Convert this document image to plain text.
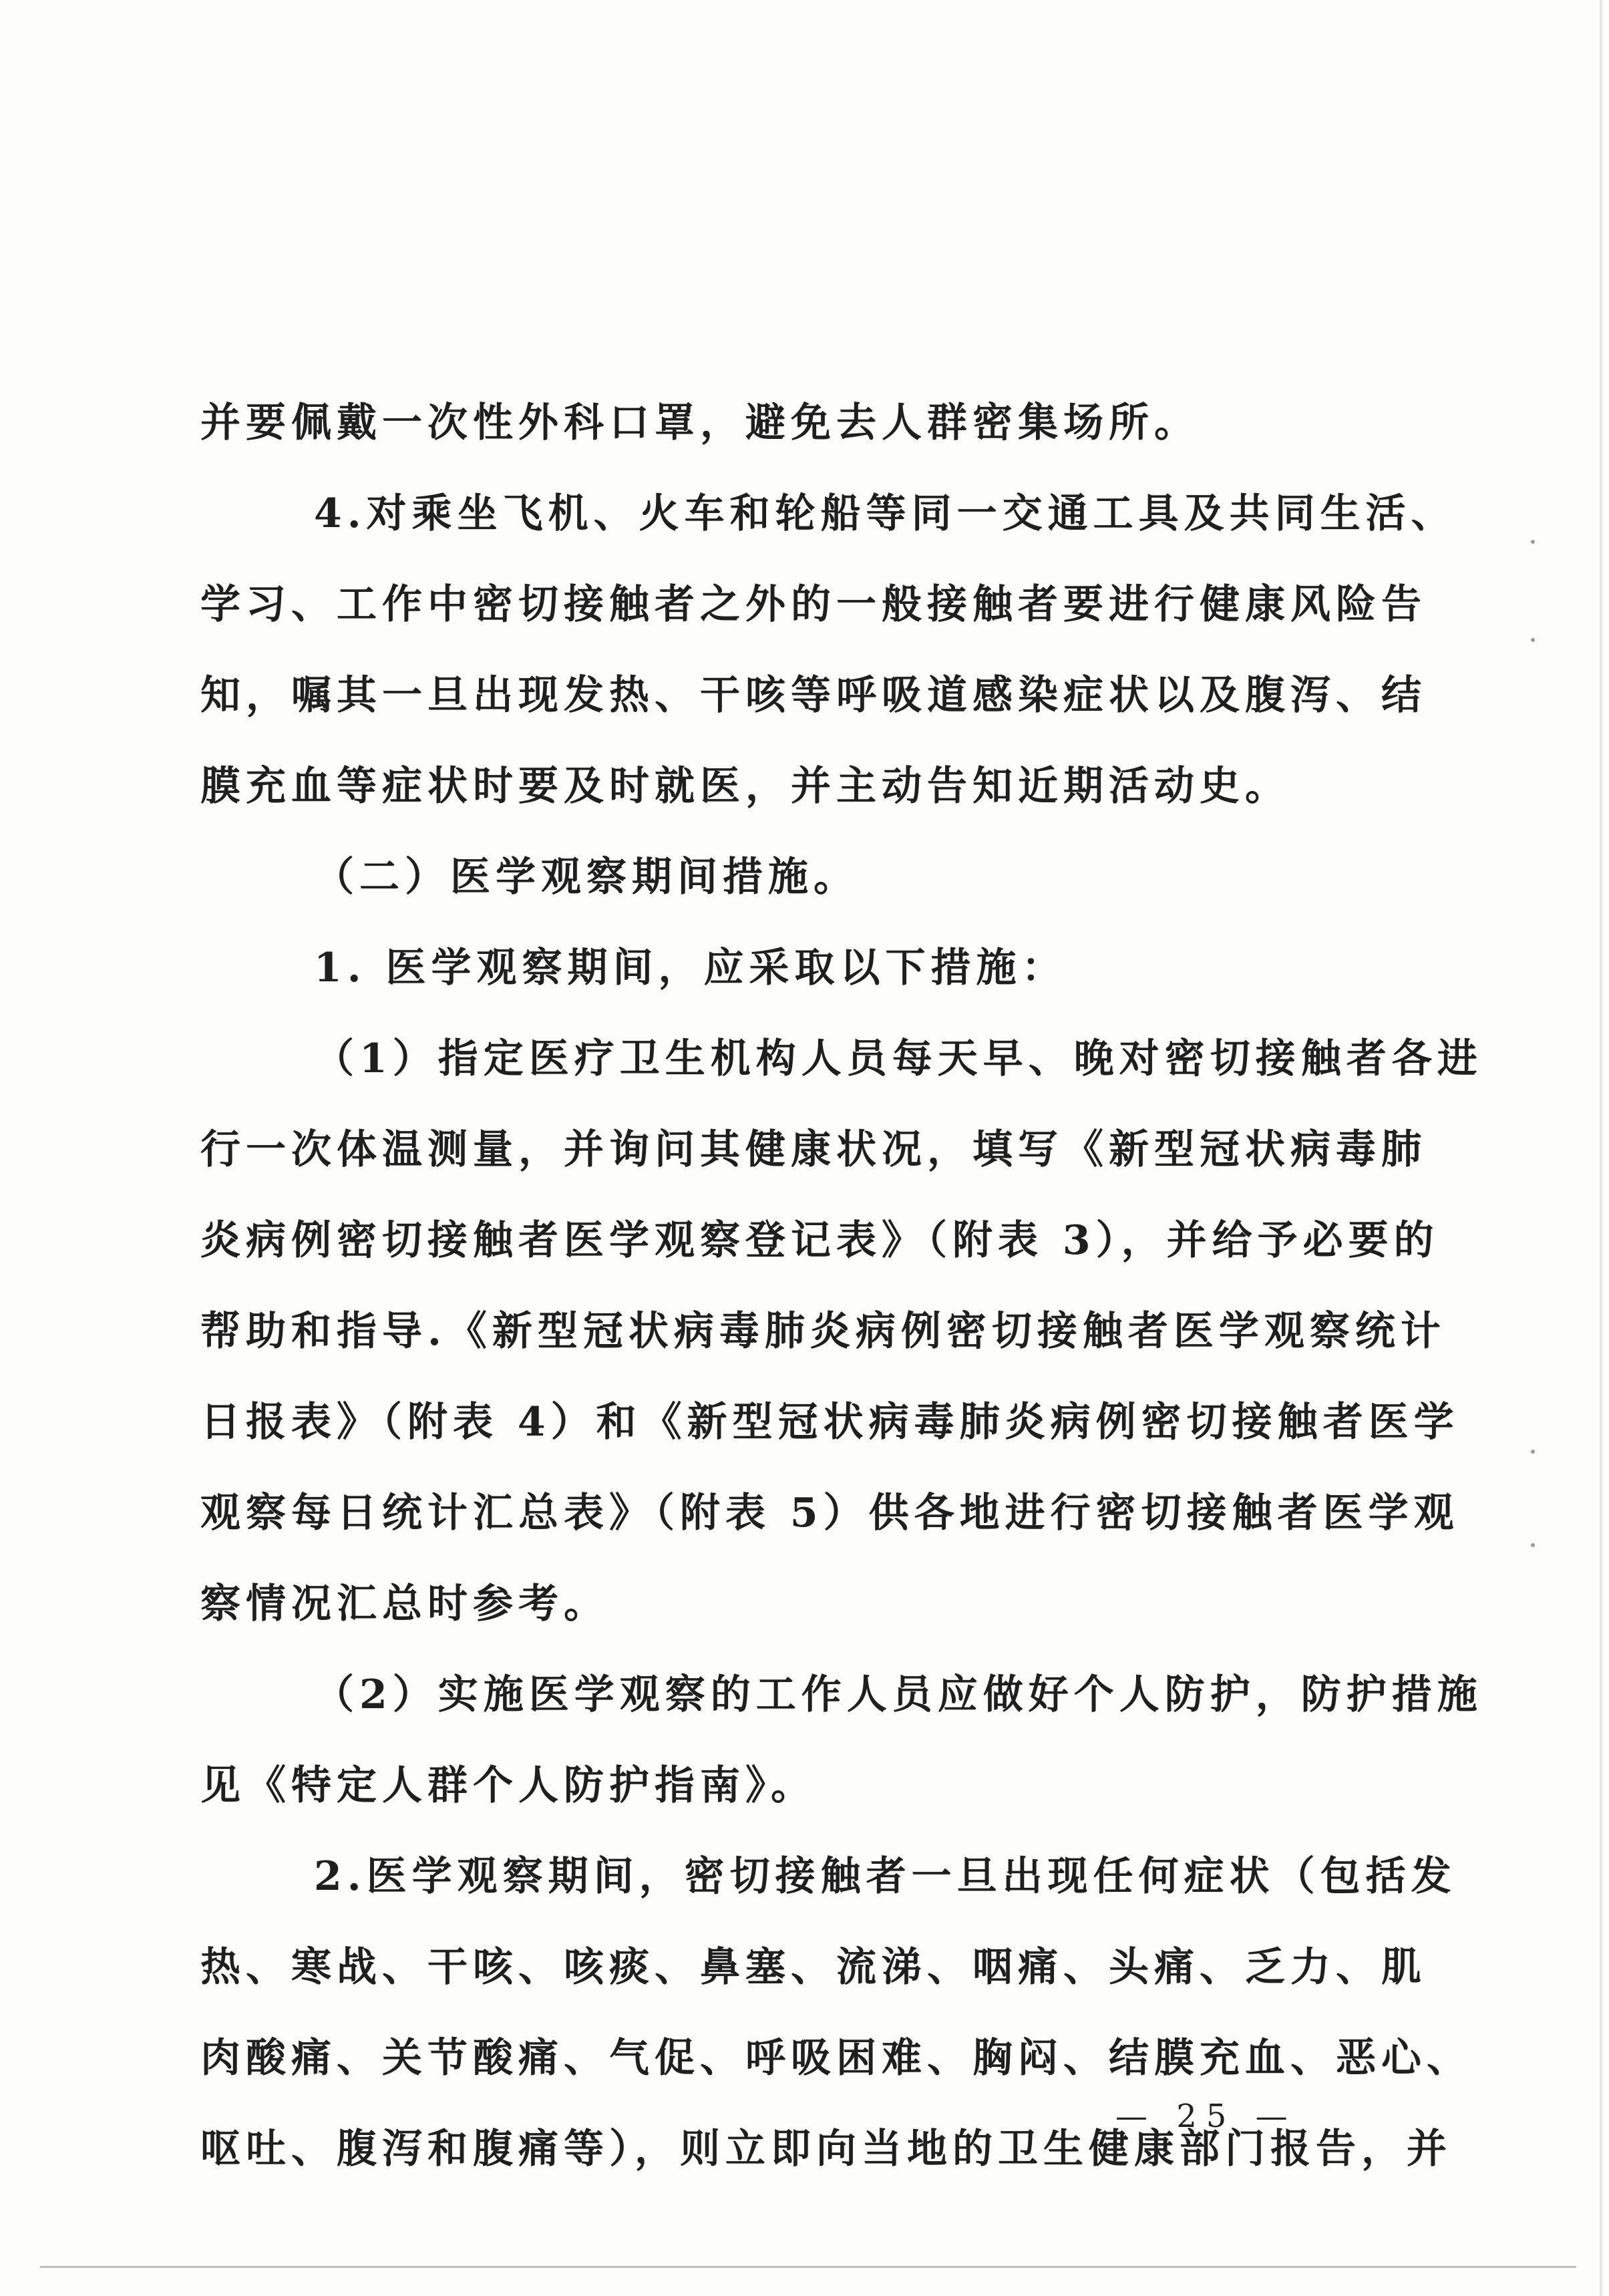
并要佩戴一次性外科口罩，避免去人群密集场所。
4.对乘坐飞机、火车和轮船等同一交通工具及共同生活、
学习、工作中密切接触者之外的一般接触者要进行健康风险告
知，嘱其一旦出现发热、干咳等呼吸道感染症状以及腹泻、结
膜充血等症状时要及时就医，并主动告知近期活动史。
（二）医学观察期间措施。
1. 医学观察期间，应采取以下措施：
（1）指定医疗卫生机构人员每天早、晚对密切接触者各进
行一次体温测量，并询问其健康状况，填写《新型冠状病毒肺
炎病例密切接触者医学观察登记表》（附表 3），并给予必要的
帮助和指导.《新型冠状病毒肺炎病例密切接触者医学观察统计
日报表》（附表 4）和《新型冠状病毒肺炎病例密切接触者医学
观察每日统计汇总表》（附表 5）供各地进行密切接触者医学观
察情况汇总时参考。
（2）实施医学观察的工作人员应做好个人防护，防护措施
见《特定人群个人防护指南》。
2.医学观察期间，密切接触者一旦出现任何症状（包括发
热、寒战、干咳、咳痰、鼻塞、流涕、咽痛、头痛、乏力、肌
肉酸痛、关节酸痛、气促、呼吸困难、胸闷、结膜充血、恶心、
呕吐、腹泻和腹痛等），则立即向当地的卫生健康部门报告，并
— 25 —
